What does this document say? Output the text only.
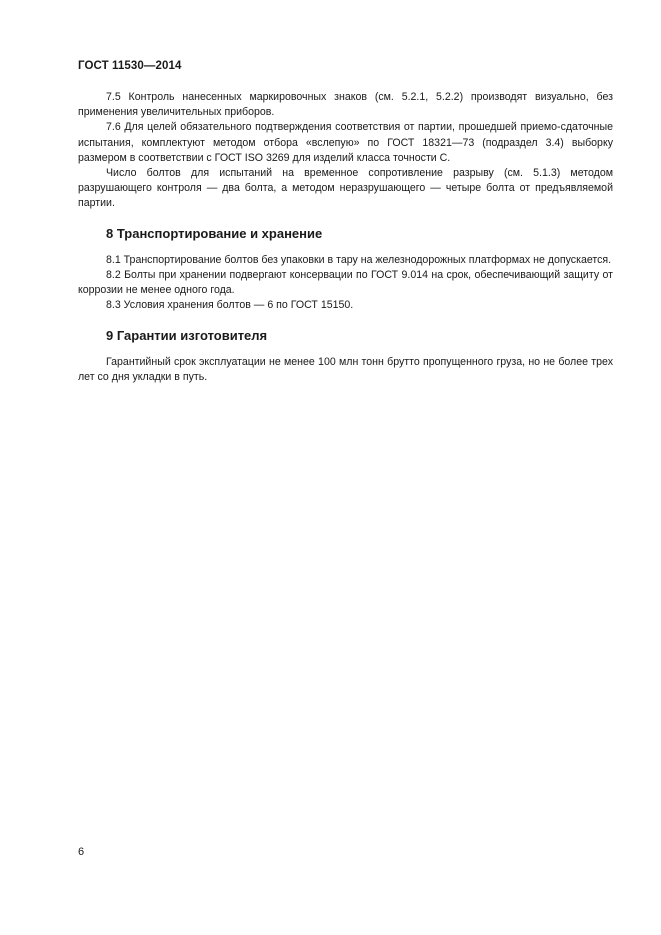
ГОСТ 11530—2014

7.5 Контроль нанесенных маркировочных знаков (см. 5.2.1, 5.2.2) производят визуально, без применения увеличительных приборов.

7.6 Для целей обязательного подтверждения соответствия от партии, прошедшей приемо-сдаточные испытания, комплектуют методом отбора «вслепую» по ГОСТ 18321—73 (подраздел 3.4) выборку размером в соответствии с ГОСТ ISO 3269 для изделий класса точности C.

Число болтов для испытаний на временное сопротивление разрыву (см. 5.1.3) методом разрушающего контроля — два болта, а методом неразрушающего — четыре болта от предъявляемой партии.

8 Транспортирование и хранение

8.1 Транспортирование болтов без упаковки в тару на железнодорожных платформах не допускается.

8.2 Болты при хранении подвергают консервации по ГОСТ 9.014 на срок, обеспечивающий защиту от коррозии не менее одного года.

8.3 Условия хранения болтов — 6 по ГОСТ 15150.

9 Гарантии изготовителя

Гарантийный срок эксплуатации не менее 100 млн тонн брутто пропущенного груза, но не более трех лет со дня укладки в путь.

6
